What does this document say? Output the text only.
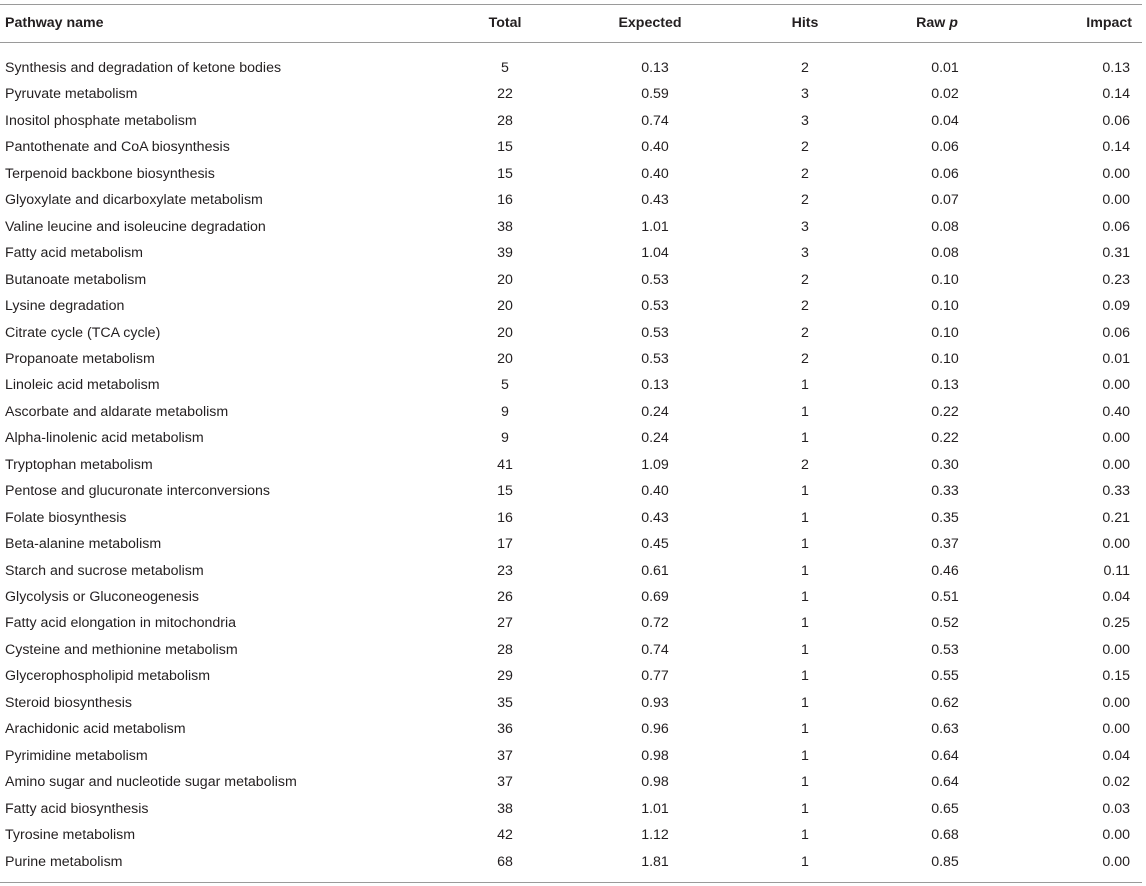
Pathway name	Total	Expected	Hits	Raw p	Impact
Synthesis and degradation of ketone bodies	5	0.13	2	0.01	0.13
Pyruvate metabolism	22	0.59	3	0.02	0.14
Inositol phosphate metabolism	28	0.74	3	0.04	0.06
Pantothenate and CoA biosynthesis	15	0.40	2	0.06	0.14
Terpenoid backbone biosynthesis	15	0.40	2	0.06	0.00
Glyoxylate and dicarboxylate metabolism	16	0.43	2	0.07	0.00
Valine leucine and isoleucine degradation	38	1.01	3	0.08	0.06
Fatty acid metabolism	39	1.04	3	0.08	0.31
Butanoate metabolism	20	0.53	2	0.10	0.23
Lysine degradation	20	0.53	2	0.10	0.09
Citrate cycle (TCA cycle)	20	0.53	2	0.10	0.06
Propanoate metabolism	20	0.53	2	0.10	0.01
Linoleic acid metabolism	5	0.13	1	0.13	0.00
Ascorbate and aldarate metabolism	9	0.24	1	0.22	0.40
Alpha-linolenic acid metabolism	9	0.24	1	0.22	0.00
Tryptophan metabolism	41	1.09	2	0.30	0.00
Pentose and glucuronate interconversions	15	0.40	1	0.33	0.33
Folate biosynthesis	16	0.43	1	0.35	0.21
Beta-alanine metabolism	17	0.45	1	0.37	0.00
Starch and sucrose metabolism	23	0.61	1	0.46	0.11
Glycolysis or Gluconeogenesis	26	0.69	1	0.51	0.04
Fatty acid elongation in mitochondria	27	0.72	1	0.52	0.25
Cysteine and methionine metabolism	28	0.74	1	0.53	0.00
Glycerophospholipid metabolism	29	0.77	1	0.55	0.15
Steroid biosynthesis	35	0.93	1	0.62	0.00
Arachidonic acid metabolism	36	0.96	1	0.63	0.00
Pyrimidine metabolism	37	0.98	1	0.64	0.04
Amino sugar and nucleotide sugar metabolism	37	0.98	1	0.64	0.02
Fatty acid biosynthesis	38	1.01	1	0.65	0.03
Tyrosine metabolism	42	1.12	1	0.68	0.00
Purine metabolism	68	1.81	1	0.85	0.00
